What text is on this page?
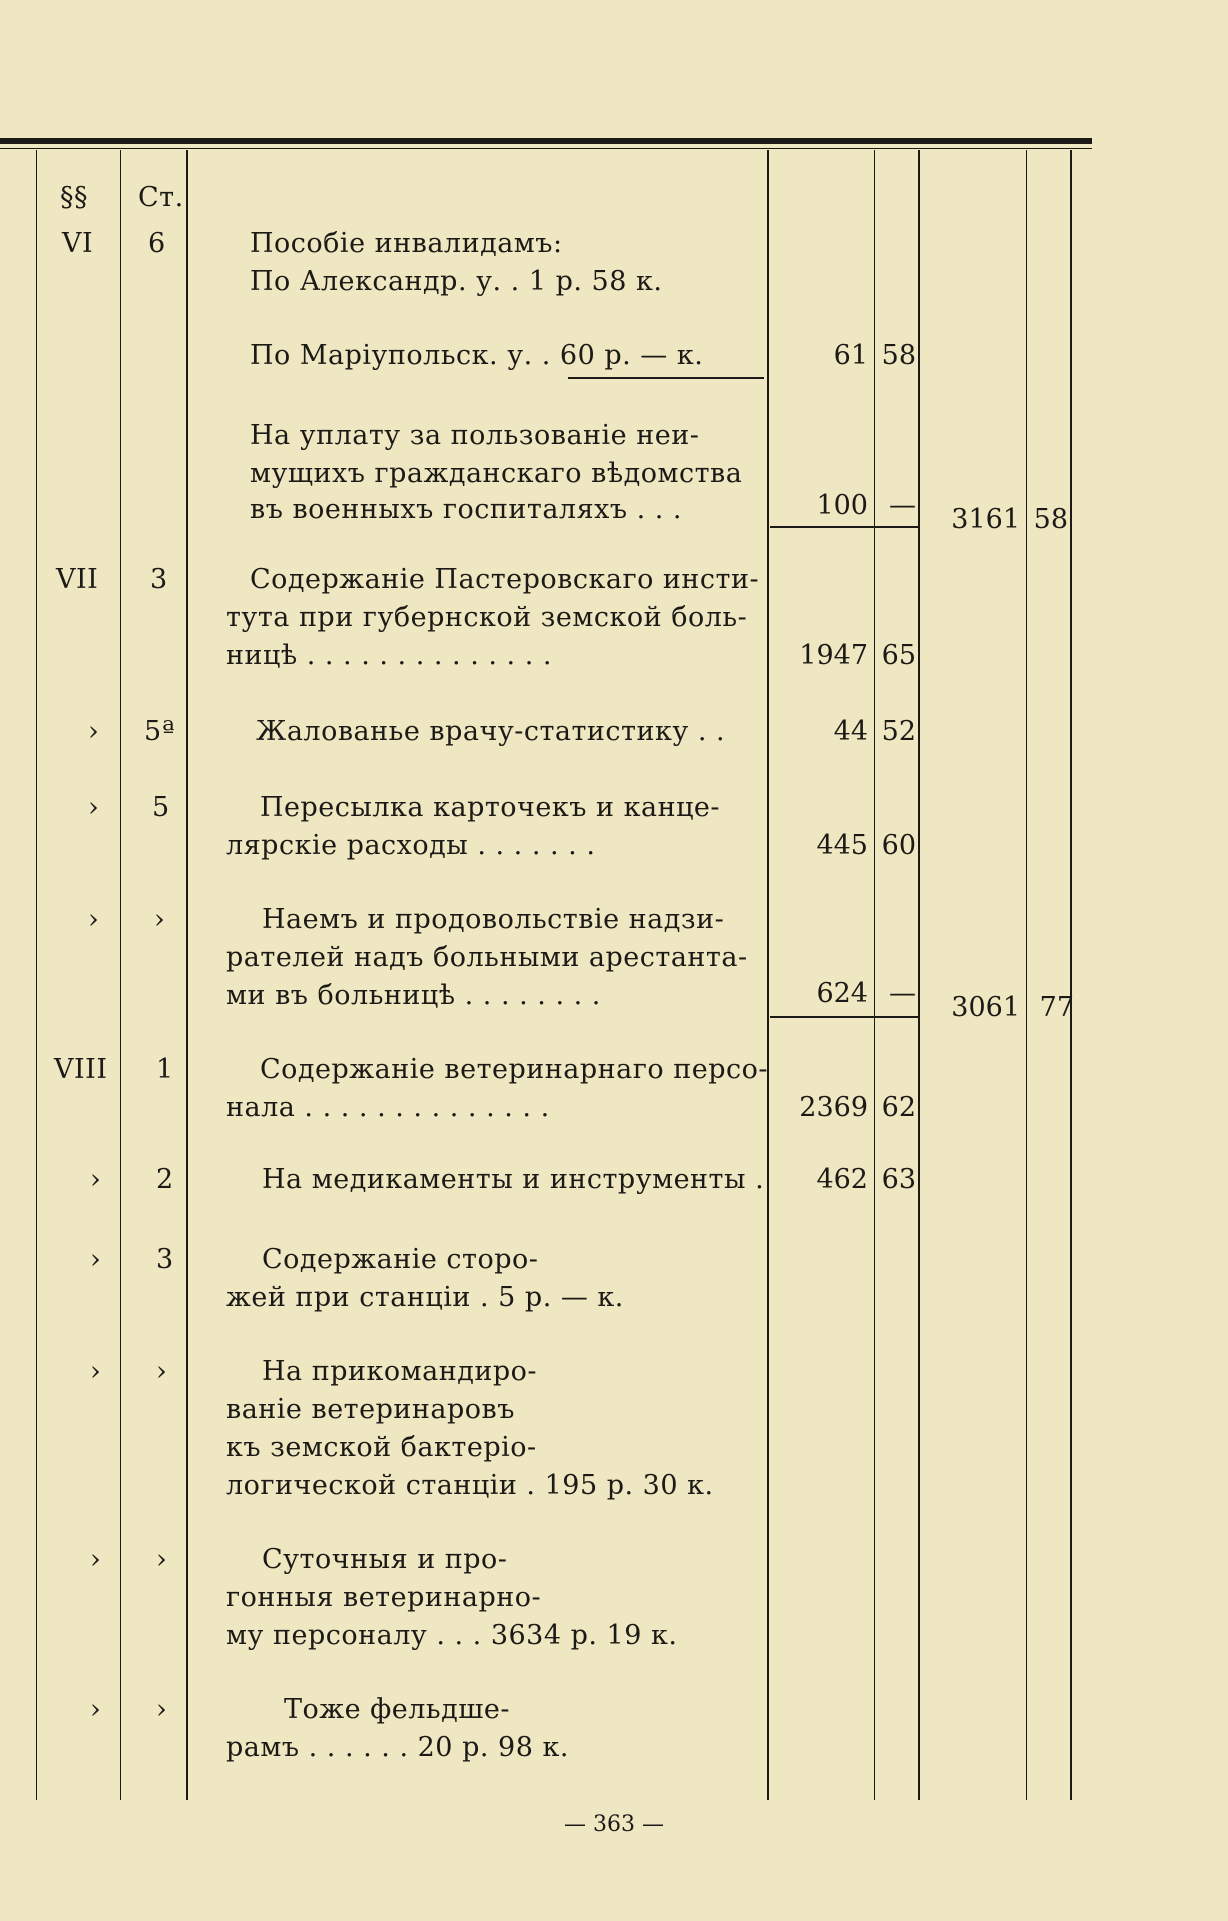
§§ Ст.
VI 6	Пособіе инвалидамъ:
По Александр. у. . 1 р. 58 к.
По Маріупольск. у. . 60 р. — к.	61 58
На уплату за пользованіе неи-
мущихъ гражданскаго вѣдомства
въ военныхъ госпиталяхъ . . .	100 —	3161 58
VII 3	Содержаніе Пастеровскаго инсти-
тута при губернской земской боль-
ницѣ . . . . . . . . . . . . . .	1947 65
› 5ª	Жалованье врачу-статистику . .	44 52
› 5	Пересылка карточекъ и канце-
лярскіе расходы . . . . . . .	445 60
› ›	Наемъ и продовольствіе надзи-
рателей надъ больными арестанта-
ми въ больницѣ . . . . . . . .	624 —	3061 77
VIII 1	Содержаніе ветеринарнаго персо-
нала . . . . . . . . . . . . . .	2369 62
› 2	На медикаменты и инструменты .	462 63
› 3	Содержаніе сторо-
жей при станціи . 5 р. — к.
› ›	На прикомандиро-
ваніе ветеринаровъ
къ земской бактеріо-
логической станціи . 195 р. 30 к.
› ›	Суточныя и про-
гонныя ветеринарно-
му персоналу . . . 3634 р. 19 к.
› ›	Тоже фельдше-
рамъ . . . . . . 20 р. 98 к.
— 363 —
